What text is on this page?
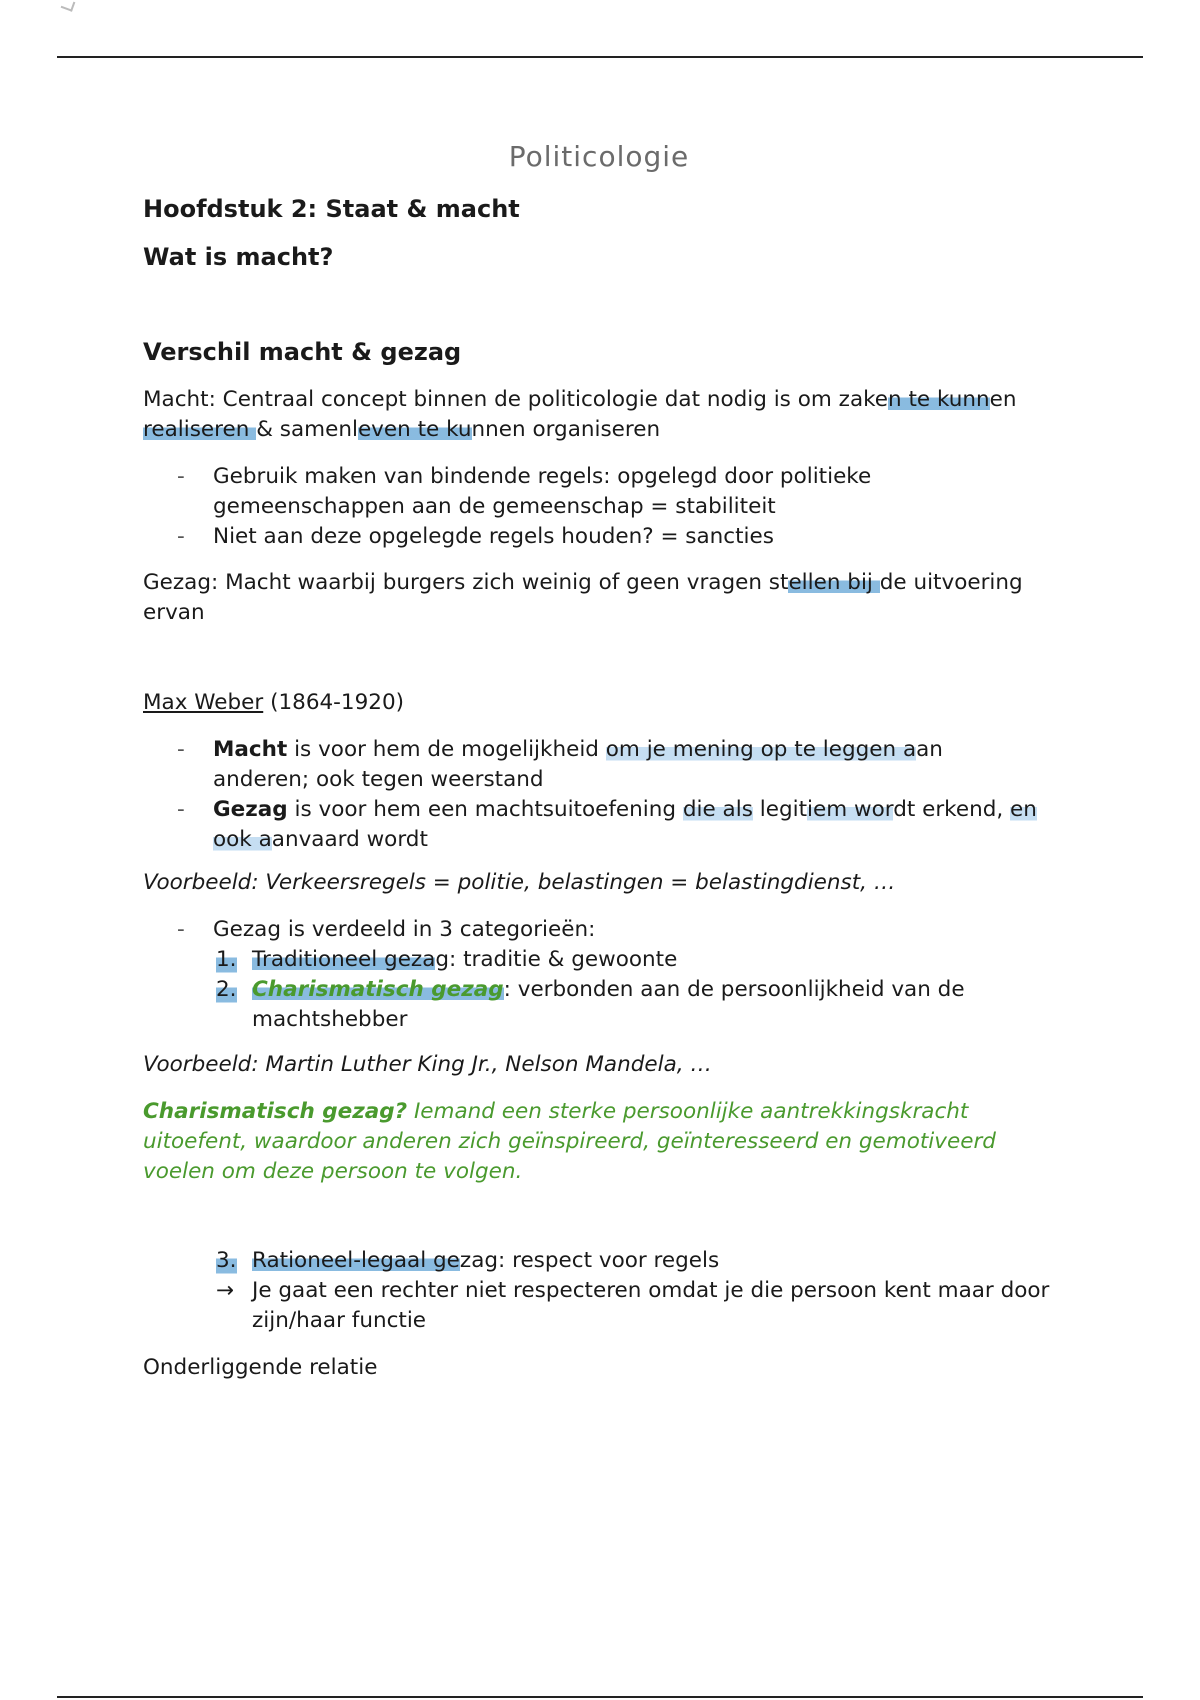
Politicologie
Hoofdstuk 2: Staat & macht
Wat is macht?
Verschil macht & gezag
Macht: Centraal concept binnen de politicologie dat nodig is om zaken te kunnen
realiseren & samenleven te kunnen organiseren
- Gebruik maken van bindende regels: opgelegd door politieke gemeenschappen aan de gemeenschap = stabiliteit
- Niet aan deze opgelegde regels houden? = sancties
Gezag: Macht waarbij burgers zich weinig of geen vragen stellen bij de uitvoering ervan
Max Weber (1864-1920)
- Macht is voor hem de mogelijkheid om je mening op te leggen aan anderen; ook tegen weerstand
- Gezag is voor hem een machtsuitoefening die als legitiem wordt erkend, en ook aanvaard wordt
Voorbeeld: Verkeersregels = politie, belastingen = belastingdienst, …
- Gezag is verdeeld in 3 categorieën:
1. Traditioneel gezag: traditie & gewoonte
2. Charismatisch gezag: verbonden aan de persoonlijkheid van de machtshebber
Voorbeeld: Martin Luther King Jr., Nelson Mandela, …
Charismatisch gezag? Iemand een sterke persoonlijke aantrekkingskracht uitoefent, waardoor anderen zich geïnspireerd, geïnteresseerd en gemotiveerd voelen om deze persoon te volgen.
3. Rationeel-legaal gezag: respect voor regels
→ Je gaat een rechter niet respecteren omdat je die persoon kent maar door zijn/haar functie
Onderliggende relatie
